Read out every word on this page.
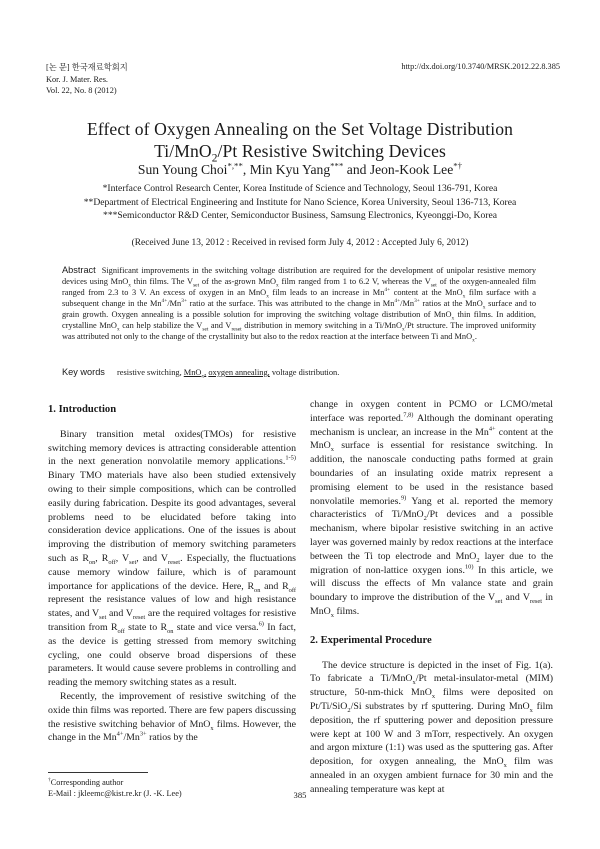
[논 문] 한국재료학회지
Kor. J. Mater. Res.
Vol. 22, No. 8 (2012)
http://dx.doi.org/10.3740/MRSK.2012.22.8.385
Effect of Oxygen Annealing on the Set Voltage Distribution
Ti/MnO$_2$/Pt Resistive Switching Devices
Sun Young Choi*,**, Min Kyu Yang*** and Jeon-Kook Lee*†
*Interface Control Research Center, Korea Institude of Science and Technology, Seoul 136-791, Korea
**Department of Electrical Engineering and Institute for Nano Science, Korea University, Seoul 136-713, Korea
***Semiconductor R&D Center, Semiconductor Business, Samsung Electronics, Kyeonggi-Do, Korea
(Received June 13, 2012 : Received in revised form July 4, 2012 : Accepted July 6, 2012)
Abstract Significant improvements in the switching voltage distribution are required for the development of unipolar resistive memory devices using MnO$_x$ thin films. The $V_{set}$ of the as-grown MnO$_x$ film ranged from 1 to 6.2 V, whereas the $V_{set}$ of the oxygen-annealed film ranged from 2.3 to 3 V. An excess of oxygen in an MnO$_x$ film leads to an increase in $Mn^{4+}$ content at the MnO$_x$ film surface with a subsequent change in the $Mn^{4+}/Mn^{3+}$ ratio at the surface. This was attributed to the change in $Mn^{4+}/Mn^{3+}$ ratios at the MnO$_x$ surface and to grain growth. Oxygen annealing is a possible solution for improving the switching voltage distribution of MnO$_x$ thin films. In addition, crystalline MnO$_x$ can help stabilize the $V_{set}$ and $V_{reset}$ distribution in memory switching in a Ti/MnO$_x$/Pt structure. The improved uniformity was attributed not only to the change of the crystallinity but also to the redox reaction at the interface between Ti and MnO$_x$.
Key words resistive switching, MnO$_x$, oxygen annealing, voltage distribution.
1. Introduction

Binary transition metal oxides(TMOs) for resistive switching memory devices is attracting considerable attention in the next generation nonvolatile memory applications.$^{1-5)}$ Binary TMO materials have also been studied extensively owing to their simple compositions, which can be controlled easily during fabrication. Despite its good advantages, several problems need to be elucidated before taking into consideration device applications. One of the issues is about improving the distribution of memory switching parameters such as $R_{on}$, $R_{off}$, $V_{set}$, and $V_{reset}$. Especially, the fluctuations cause memory window failure, which is of paramount importance for applications of the device. Here, $R_{on}$ and $R_{off}$ represent the resistance values of low and high resistance states, and $V_{set}$ and $V_{reset}$ are the required voltages for resistive transition from $R_{off}$ state to $R_{on}$ state and vice versa.$^{6)}$ In fact, as the device is getting stressed from memory switching cycling, one could observe broad dispersions of these parameters. It would cause severe problems in controlling and reading the memory switching states as a result.

Recently, the improvement of resistive switching of the oxide thin films was reported. There are few papers discussing the resistive switching behavior of MnO$_x$ films. However, the change in the $Mn^{4+}/Mn^{3+}$ ratios by the

change in oxygen content in PCMO or LCMO/metal interface was reported.$^{7,8)}$ Although the dominant operating mechanism is unclear, an increase in the $Mn^{4+}$ content at the MnO$_x$ surface is essential for resistance switching. In addition, the nanoscale conducting paths formed at grain boundaries of an insulating oxide matrix represent a promising element to be used in the resistance based nonvolatile memories.$^{9)}$ Yang et al. reported the memory characteristics of Ti/MnO$_2$/Pt devices and a possible mechanism, where bipolar resistive switching in an active layer was governed mainly by redox reactions at the interface between the Ti top electrode and MnO$_2$ layer due to the migration of non-lattice oxygen ions.$^{10)}$ In this article, we will discuss the effects of Mn valance state and grain boundary to improve the distribution of the $V_{set}$ and $V_{reset}$ in MnO$_x$ films.

2. Experimental Procedure

The device structure is depicted in the inset of Fig. 1(a). To fabricate a Ti/MnO$_x$/Pt metal-insulator-metal (MIM) structure, 50-nm-thick MnO$_x$ films were deposited on Pt/Ti/SiO$_2$/Si substrates by rf sputtering. During MnO$_x$ film deposition, the rf sputtering power and deposition pressure were kept at 100 W and 3 mTorr, respectively. An oxygen and argon mixture (1:1) was used as the sputtering gas. After deposition, for oxygen annealing, the MnO$_x$ film was annealed in an oxygen ambient furnace for 30 min and the annealing temperature was kept at

†Corresponding author
E-Mail : jkleemc@kist.re.kr (J. -K. Lee)	385
